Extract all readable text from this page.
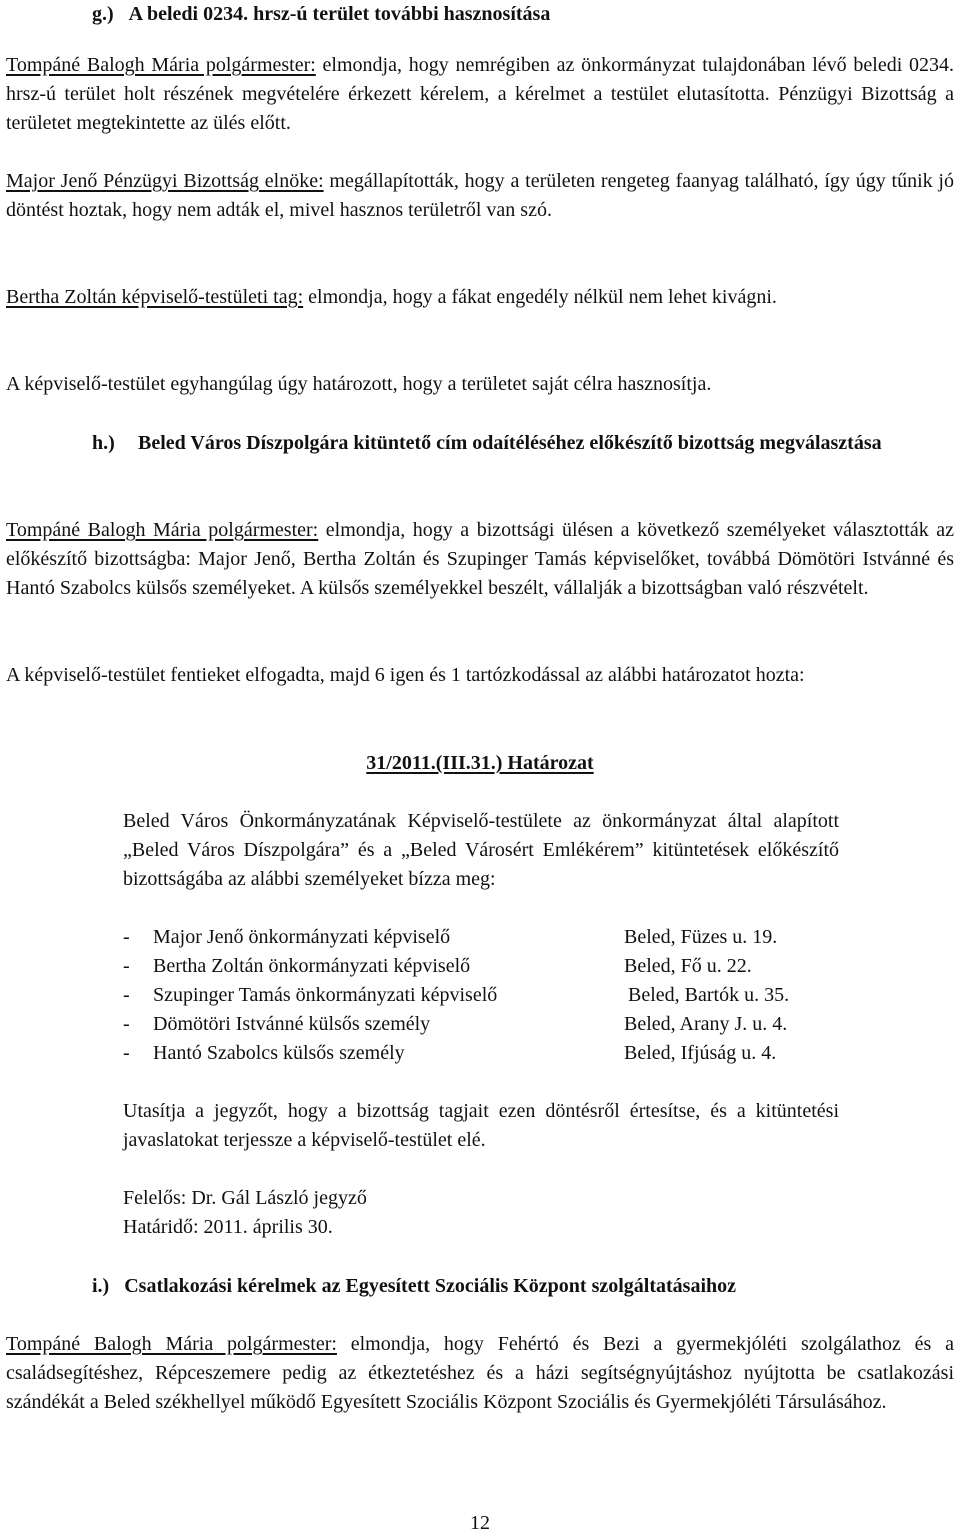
g.)   A beledi 0234. hrsz-ú terület további hasznosítása
Tompáné Balogh Mária polgármester: elmondja, hogy nemrégiben az önkormányzat tulajdonában lévő beledi 0234. hrsz-ú terület holt részének megvételére érkezett kérelem, a kérelmet a testület elutasította. Pénzügyi Bizottság a területet megtekintette az ülés előtt.
Major Jenő Pénzügyi Bizottság elnöke: megállapították, hogy a területen rengeteg faanyag található, így úgy tűnik jó döntést hoztak, hogy nem adták el, mivel hasznos területről van szó.
Bertha Zoltán képviselő-testületi tag: elmondja, hogy a fákat engedély nélkül nem lehet kivágni.
A képviselő-testület egyhangúlag úgy határozott, hogy a területet saját célra hasznosítja.
h.) Beled Város Díszpolgára kitüntető cím odaítéléséhez előkészítő bizottság megválasztása
Tompáné Balogh Mária polgármester: elmondja, hogy a bizottsági ülésen a következő személyeket választották az előkészítő bizottságba: Major Jenő, Bertha Zoltán és Szupinger Tamás képviselőket, továbbá Dömötöri Istvánné és Hantó Szabolcs külsős személyeket. A külsős személyekkel beszélt, vállalják a bizottságban való részvételt.
A képviselő-testület fentieket elfogadta, majd 6 igen és 1 tartózkodással az alábbi határozatot hozta:
31/2011.(III.31.) Határozat
Beled Város Önkormányzatának Képviselő-testülete az önkormányzat által alapított „Beled Város Díszpolgára” és a „Beled Városért Emlékérem” kitüntetések előkészítő bizottságába az alábbi személyeket bízza meg:
- Major Jenő önkormányzati képviselő	Beled, Füzes u. 19.
- Bertha Zoltán önkormányzati képviselő	Beled, Fő u. 22.
- Szupinger Tamás önkormányzati képviselő	Beled, Bartók u. 35.
- Dömötöri Istvánné külsős személy	Beled, Arany J. u. 4.
- Hantó Szabolcs külsős személy	Beled, Ifjúság u. 4.
Utasítja a jegyzőt, hogy a bizottság tagjait ezen döntésről értesítse, és a kitüntetési javaslatokat terjessze a képviselő-testület elé.
Felelős: Dr. Gál László jegyző
Határidő: 2011. április 30.
i.)   Csatlakozási kérelmek az Egyesített Szociális Központ szolgáltatásaihoz
Tompáné Balogh Mária polgármester: elmondja, hogy Fehértó és Bezi a gyermekjóléti szolgálathoz és a családsegítéshez, Répceszemere pedig az étkeztetéshez és a házi segítségnyújtáshoz nyújtotta be csatlakozási szándékát a Beled székhellyel működő Egyesített Szociális Központ Szociális és Gyermekjóléti Társulásához.
12
